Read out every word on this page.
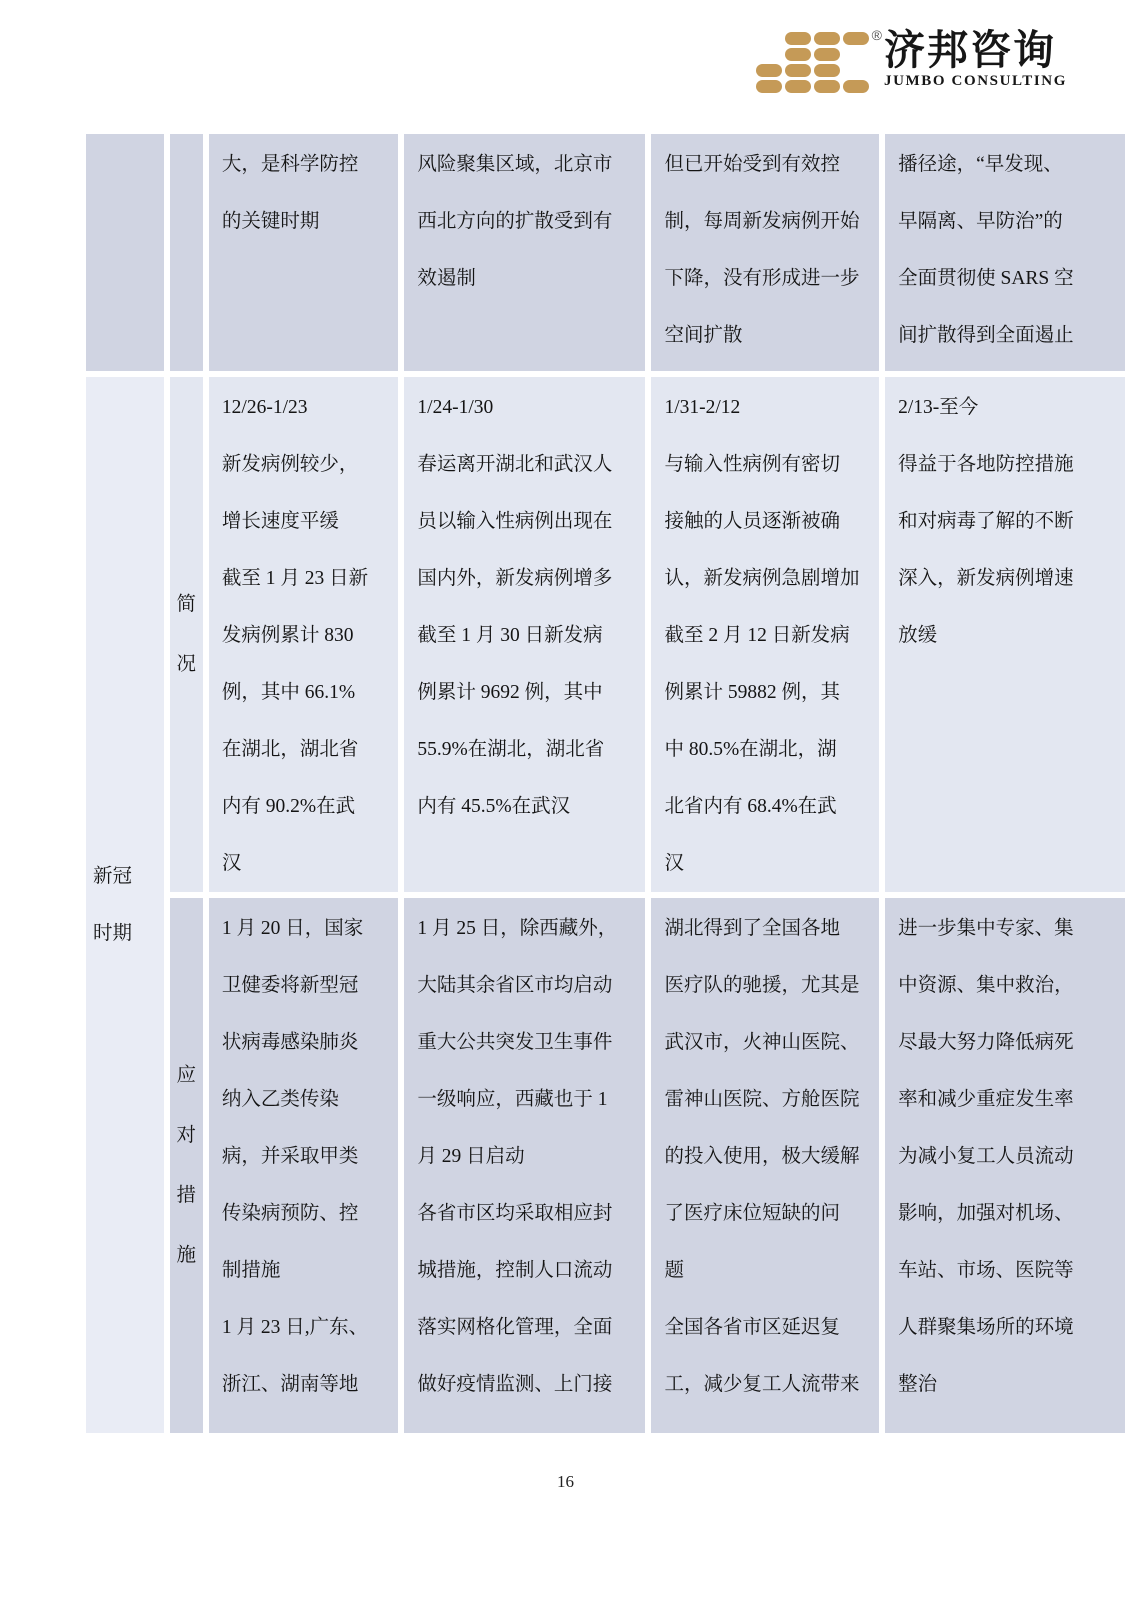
® 济邦咨询
JUMBO CONSULTING
		大，是科学防控
的关键时期	风险聚集区域，北京市
西北方向的扩散受到有
效遏制	但已开始受到有效控
制，每周新发病例开始
下降，没有形成进一步
空间扩散	播径途，“早发现、
早隔离、早防治”的
全面贯彻使 SARS 空
间扩散得到全面遏止
新冠
时期	简
况	12/26-1/23
新发病例较少，
增长速度平缓
截至 1 月 23 日新
发病例累计 830
例，其中 66.1%
在湖北，湖北省
内有 90.2%在武
汉	1/24-1/30
春运离开湖北和武汉人
员以输入性病例出现在
国内外，新发病例增多
截至 1 月 30 日新发病
例累计 9692 例，其中
55.9%在湖北，湖北省
内有 45.5%在武汉	1/31-2/12
与输入性病例有密切
接触的人员逐渐被确
认，新发病例急剧增加
截至 2 月 12 日新发病
例累计 59882 例，其
中 80.5%在湖北，湖
北省内有 68.4%在武
汉	2/13-至今
得益于各地防控措施
和对病毒了解的不断
深入，新发病例增速
放缓
应
对
措
施	1 月 20 日，国家
卫健委将新型冠
状病毒感染肺炎
纳入乙类传染
病，并采取甲类
传染病预防、控
制措施
1 月 23 日,广东、
浙江、湖南等地	1 月 25 日，除西藏外，
大陆其余省区市均启动
重大公共突发卫生事件
一级响应，西藏也于 1
月 29 日启动
各省市区均采取相应封
城措施，控制人口流动
落实网格化管理，全面
做好疫情监测、上门接	湖北得到了全国各地
医疗队的驰援，尤其是
武汉市，火神山医院、
雷神山医院、方舱医院
的投入使用，极大缓解
了医疗床位短缺的问
题
全国各省市区延迟复
工，减少复工人流带来	进一步集中专家、集
中资源、集中救治，
尽最大努力降低病死
率和减少重症发生率
为减小复工人员流动
影响，加强对机场、
车站、市场、医院等
人群聚集场所的环境
整治
16
